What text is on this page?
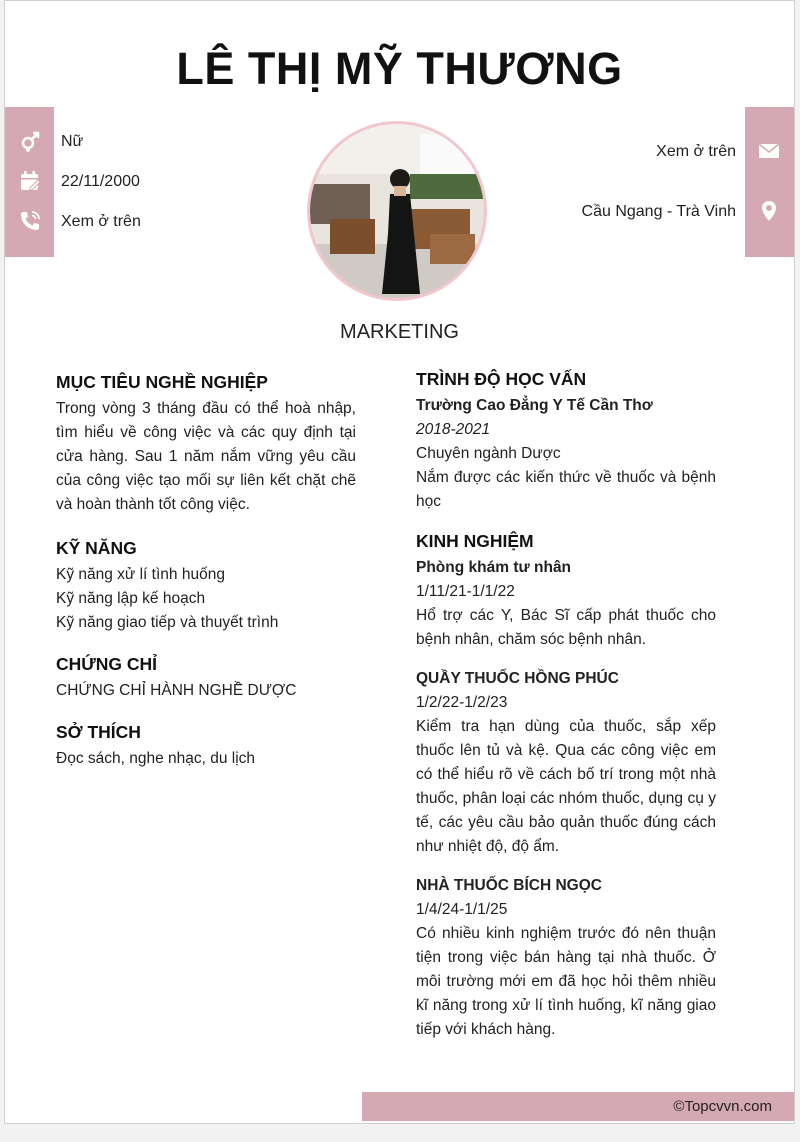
LÊ THỊ MỸ THƯƠNG
Nữ
22/11/2000
Xem ở trên
Xem ở trên
Cầu Ngang - Trà Vinh
MARKETING
MỤC TIÊU NGHỀ NGHIỆP

Trong vòng 3 tháng đầu có thể hoà nhập, tìm hiểu về công việc và các quy định tại cửa hàng. Sau 1 năm nắm vững yêu cầu của công việc tạo mối sự liên kết chặt chẽ và hoàn thành tốt công việc.

KỸ NĂNG

Kỹ năng xử lí tình huống

Kỹ năng lập kế hoạch

Kỹ năng giao tiếp và thuyết trình

CHỨNG CHỈ

CHỨNG CHỈ HÀNH NGHỀ DƯỢC

SỞ THÍCH

Đọc sách, nghe nhạc, du lịch

TRÌNH ĐỘ HỌC VẤN

Trường Cao Đẳng Y Tế Cần Thơ

2018-2021

Chuyên ngành Dược

Nắm được các kiến thức về thuốc và bệnh học

KINH NGHIỆM

Phòng khám tư nhân

1/11/21-1/1/22

Hổ trợ các Y, Bác Sĩ cấp phát thuốc cho bệnh nhân, chăm sóc bệnh nhân.

QUẦY THUỐC HỒNG PHÚC

1/2/22-1/2/23

Kiểm tra hạn dùng của thuốc, sắp xếp thuốc lên tủ và kệ. Qua các công việc em có thể hiểu rõ về cách bố trí trong một nhà thuốc, phân loại các nhóm thuốc, dụng cụ y tế, các yêu cầu bảo quản thuốc đúng cách như nhiệt độ, độ ẩm.

NHÀ THUỐC BÍCH NGỌC

1/4/24-1/1/25

Có nhiều kinh nghiệm trước đó nên thuận tiện trong việc bán hàng tại nhà thuốc. Ở môi trường mới em đã học hỏi thêm nhiều kĩ năng trong xử lí tình huống, kĩ năng giao tiếp với khách hàng.

©Topcvvn.com
